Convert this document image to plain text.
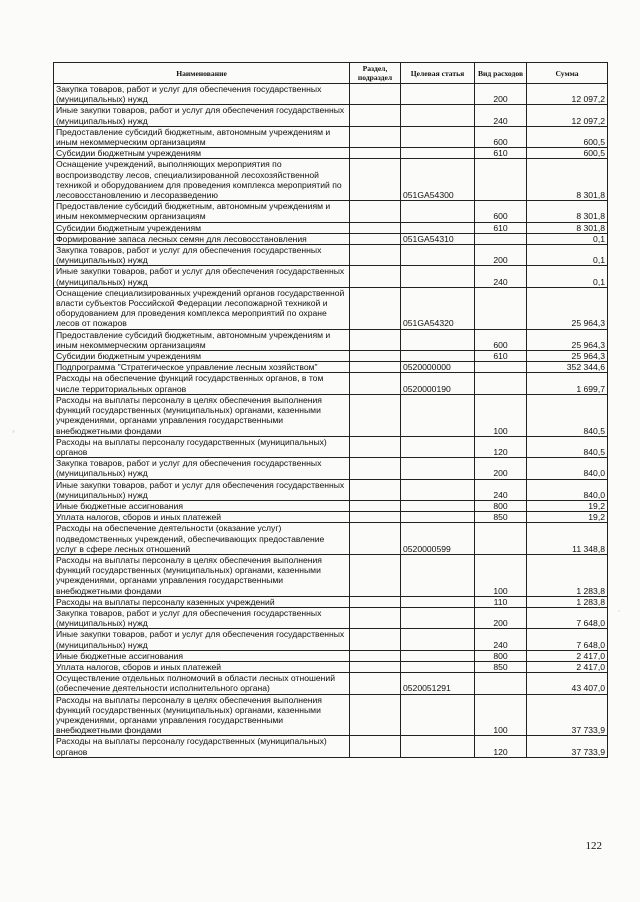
Наименование	Раздел, подраздел	Целевая статья	Вид расходов	Сумма
Закупка товаров, работ и услуг для обеспечения государственных (муниципальных) нужд			200	12 097,2
Иные закупки товаров, работ и услуг для обеспечения государственных (муниципальных) нужд			240	12 097,2
Предоставление субсидий бюджетным, автономным учреждениям и иным некоммерческим организациям			600	600,5
Субсидии бюджетным учреждениям			610	600,5
Оснащение учреждений, выполняющих мероприятия по воспроизводству лесов, специализированной лесохозяйственной техникой и оборудованием для проведения комплекса мероприятий по лесовосстановлению и лесоразведению		051GA54300		8 301,8
Предоставление субсидий бюджетным, автономным учреждениям и иным некоммерческим организациям			600	8 301,8
Субсидии бюджетным учреждениям			610	8 301,8
Формирование запаса лесных семян для лесовосстановления		051GA54310		0,1
Закупка товаров, работ и услуг для обеспечения государственных (муниципальных) нужд			200	0,1
Иные закупки товаров, работ и услуг для обеспечения государственных (муниципальных) нужд			240	0,1
Оснащение специализированных учреждений органов государственной власти субъектов Российской Федерации лесопожарной техникой и оборудованием для проведения комплекса мероприятий по охране лесов от пожаров		051GA54320		25 964,3
Предоставление субсидий бюджетным, автономным учреждениям и иным некоммерческим организациям			600	25 964,3
Субсидии бюджетным учреждениям			610	25 964,3
Подпрограмма "Стратегическое управление лесным хозяйством"		0520000000		352 344,6
Расходы на обеспечение функций государственных органов, в том числе территориальных органов		0520000190		1 699,7
Расходы на выплаты персоналу в целях обеспечения выполнения функций государственных (муниципальных) органами, казенными учреждениями, органами управления государственными внебюджетными фондами			100	840,5
Расходы на выплаты персоналу государственных (муниципальных) органов			120	840,5
Закупка товаров, работ и услуг для обеспечения государственных (муниципальных) нужд			200	840,0
Иные закупки товаров, работ и услуг для обеспечения государственных (муниципальных) нужд			240	840,0
Иные бюджетные ассигнования			800	19,2
Уплата налогов, сборов и иных платежей			850	19,2
Расходы на обеспечение деятельности (оказание услуг) подведомственных учреждений, обеспечивающих предоставление услуг в сфере лесных отношений		0520000599		11 348,8
Расходы на выплаты персоналу в целях обеспечения выполнения функций государственных (муниципальных) органами, казенными учреждениями, органами управления государственными внебюджетными фондами			100	1 283,8
Расходы на выплаты персоналу казенных учреждений			110	1 283,8
Закупка товаров, работ и услуг для обеспечения государственных (муниципальных) нужд			200	7 648,0
Иные закупки товаров, работ и услуг для обеспечения государственных (муниципальных) нужд			240	7 648,0
Иные бюджетные ассигнования			800	2 417,0
Уплата налогов, сборов и иных платежей			850	2 417,0
Осуществление отдельных полномочий в области лесных отношений (обеспечение деятельности исполнительного органа)		0520051291		43 407,0
Расходы на выплаты персоналу в целях обеспечения выполнения функций государственных (муниципальных) органами, казенными учреждениями, органами управления государственными внебюджетными фондами			100	37 733,9
Расходы на выплаты персоналу государственных (муниципальных) органов			120	37 733,9
122
